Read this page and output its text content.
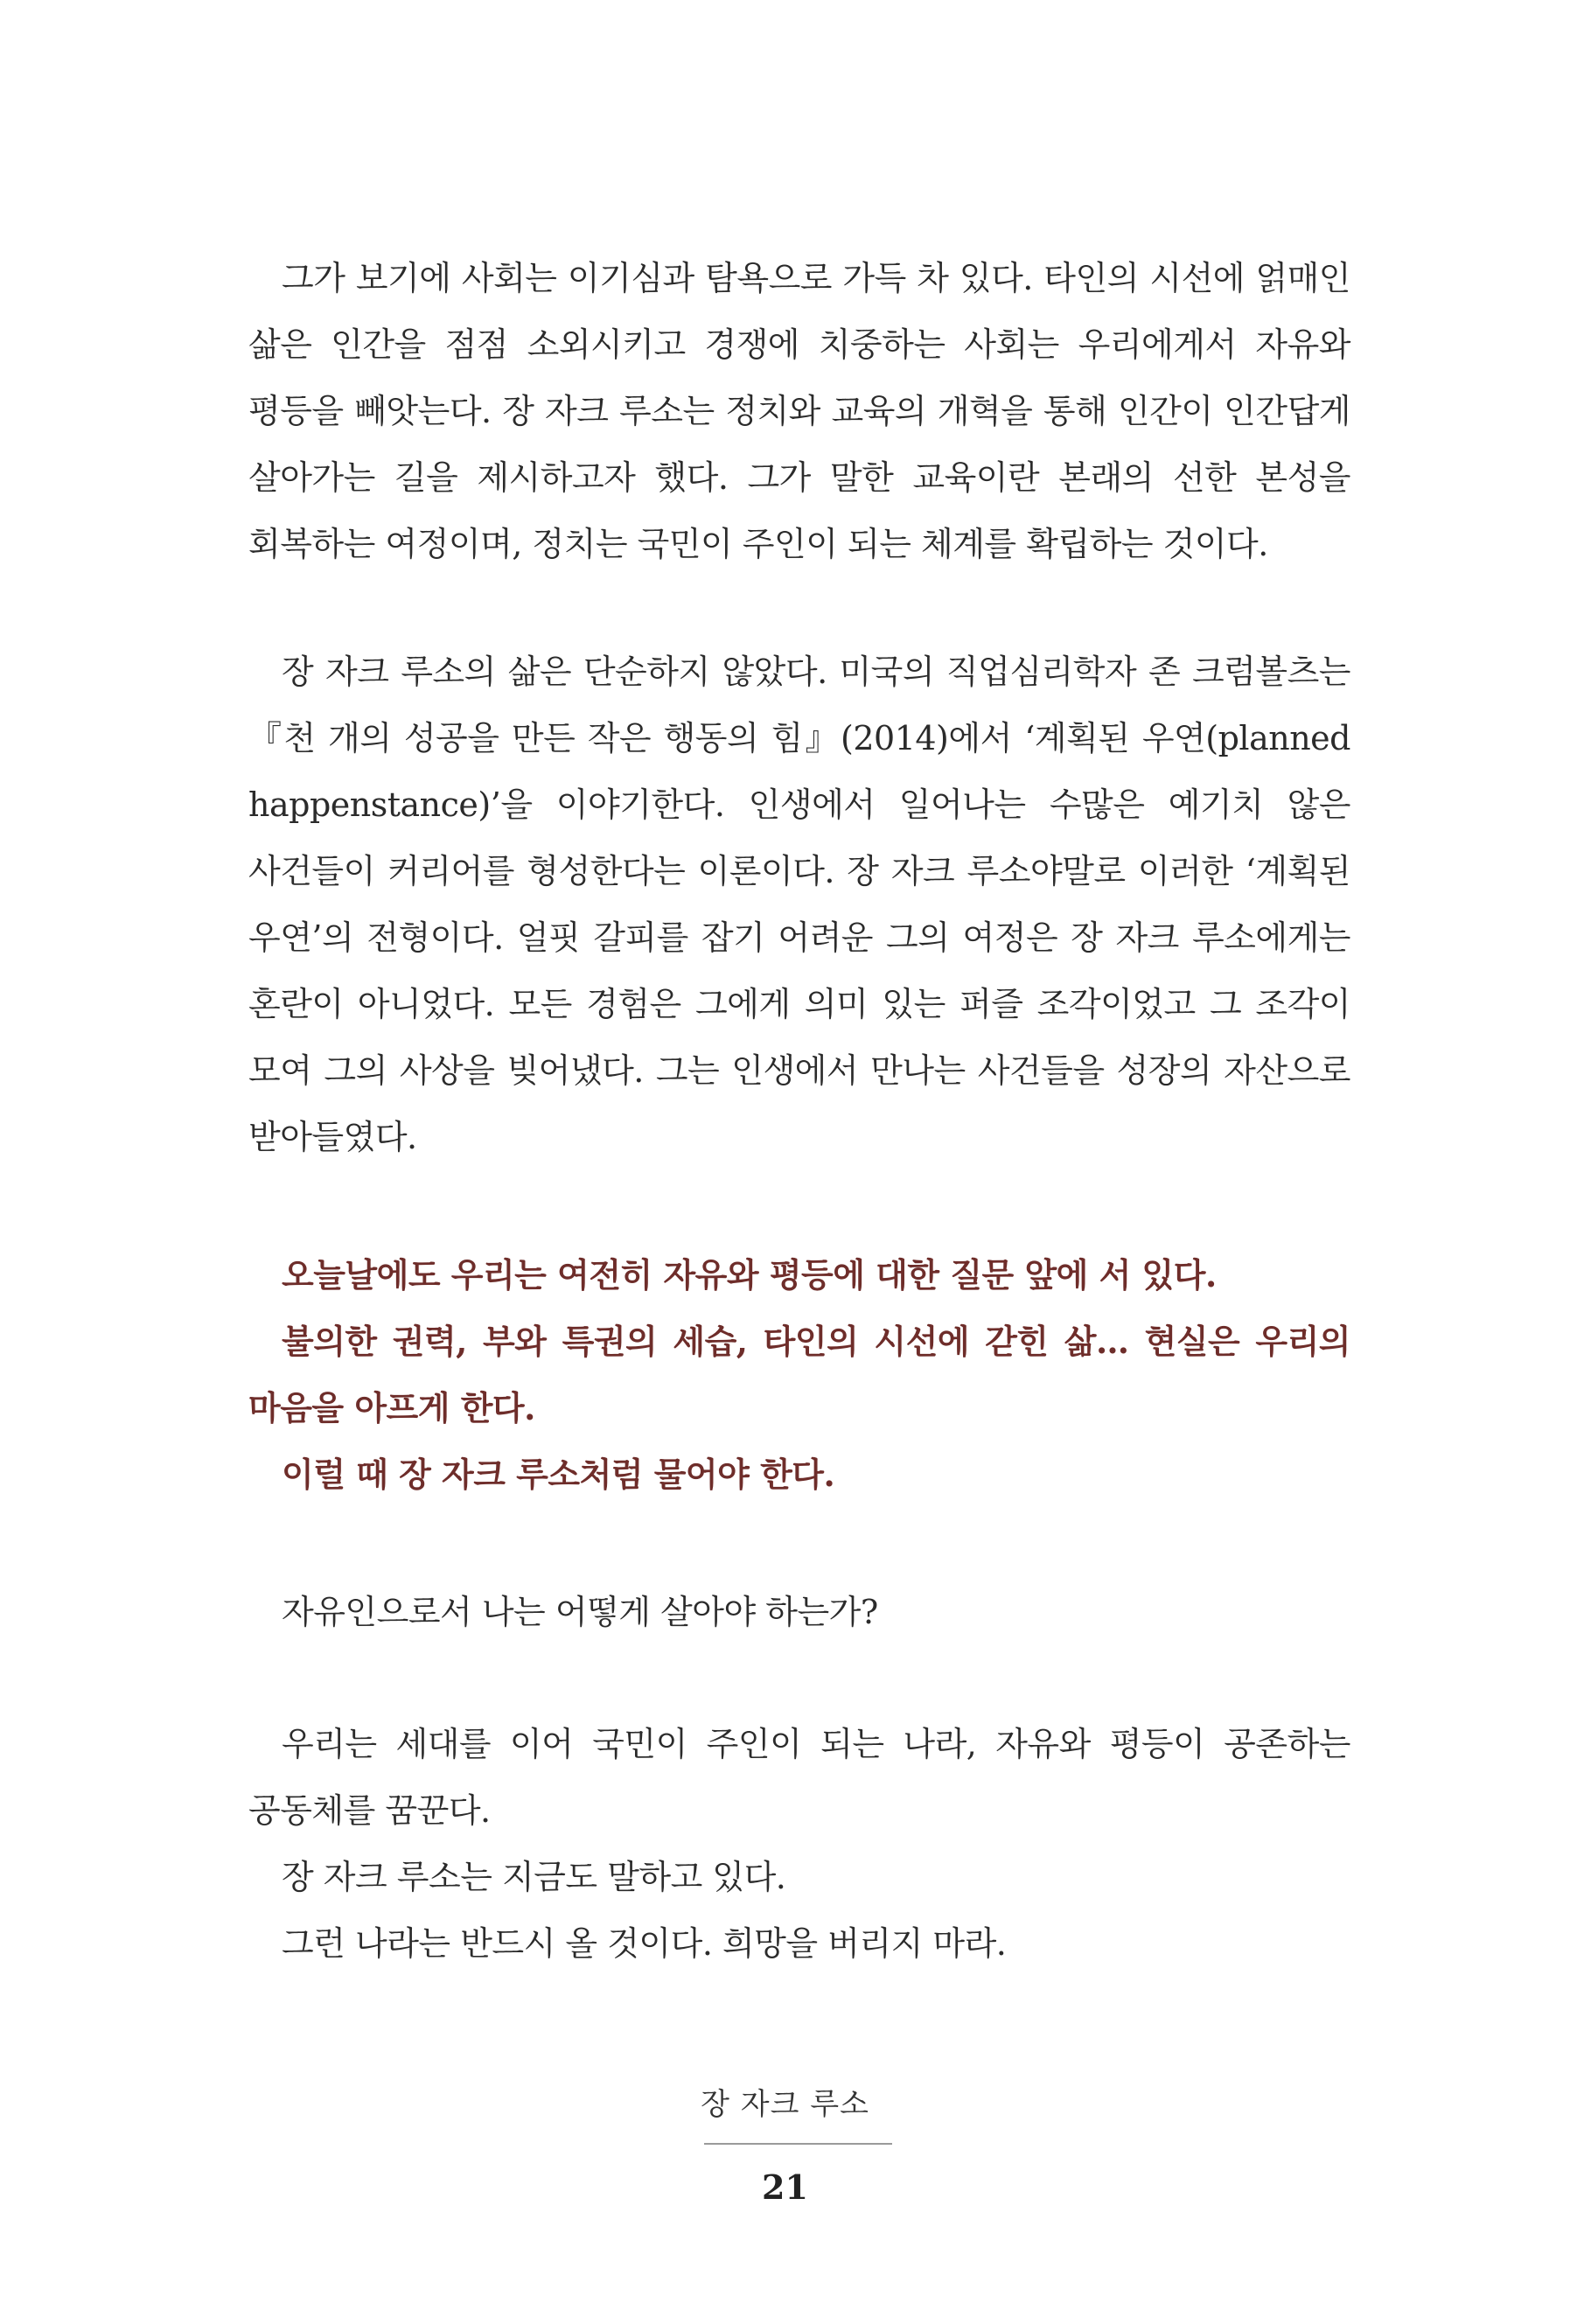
그가 보기에 사회는 이기심과 탐욕으로 가득 차 있다. 타인의 시선에 얽매인 삶은 인간을 점점 소외시키고 경쟁에 치중하는 사회는 우리에게서 자유와 평등을 빼앗는다. 장 자크 루소는 정치와 교육의 개혁을 통해 인간이 인간답게 살아가는 길을 제시하고자 했다. 그가 말한 교육이란 본래의 선한 본성을 회복하는 여정이며, 정치는 국민이 주인이 되는 체계를 확립하는 것이다.

장 자크 루소의 삶은 단순하지 않았다. 미국의 직업심리학자 존 크럼볼츠는 『천 개의 성공을 만든 작은 행동의 힘』(2014)에서 ‘계획된 우연(planned happenstance)’을 이야기한다. 인생에서 일어나는 수많은 예기치 않은 사건들이 커리어를 형성한다는 이론이다. 장 자크 루소야말로 이러한 ‘계획된 우연’의 전형이다. 얼핏 갈피를 잡기 어려운 그의 여정은 장 자크 루소에게는 혼란이 아니었다. 모든 경험은 그에게 의미 있는 퍼즐 조각이었고 그 조각이 모여 그의 사상을 빚어냈다. 그는 인생에서 만나는 사건들을 성장의 자산으로 받아들였다.

오늘날에도 우리는 여전히 자유와 평등에 대한 질문 앞에 서 있다.

불의한 권력, 부와 특권의 세습, 타인의 시선에 갇힌 삶… 현실은 우리의 마음을 아프게 한다.

이럴 때 장 자크 루소처럼 물어야 한다.

자유인으로서 나는 어떻게 살아야 하는가?

우리는 세대를 이어 국민이 주인이 되는 나라, 자유와 평등이 공존하는 공동체를 꿈꾼다.

장 자크 루소는 지금도 말하고 있다.

그런 나라는 반드시 올 것이다. 희망을 버리지 마라.

장 자크 루소
21
